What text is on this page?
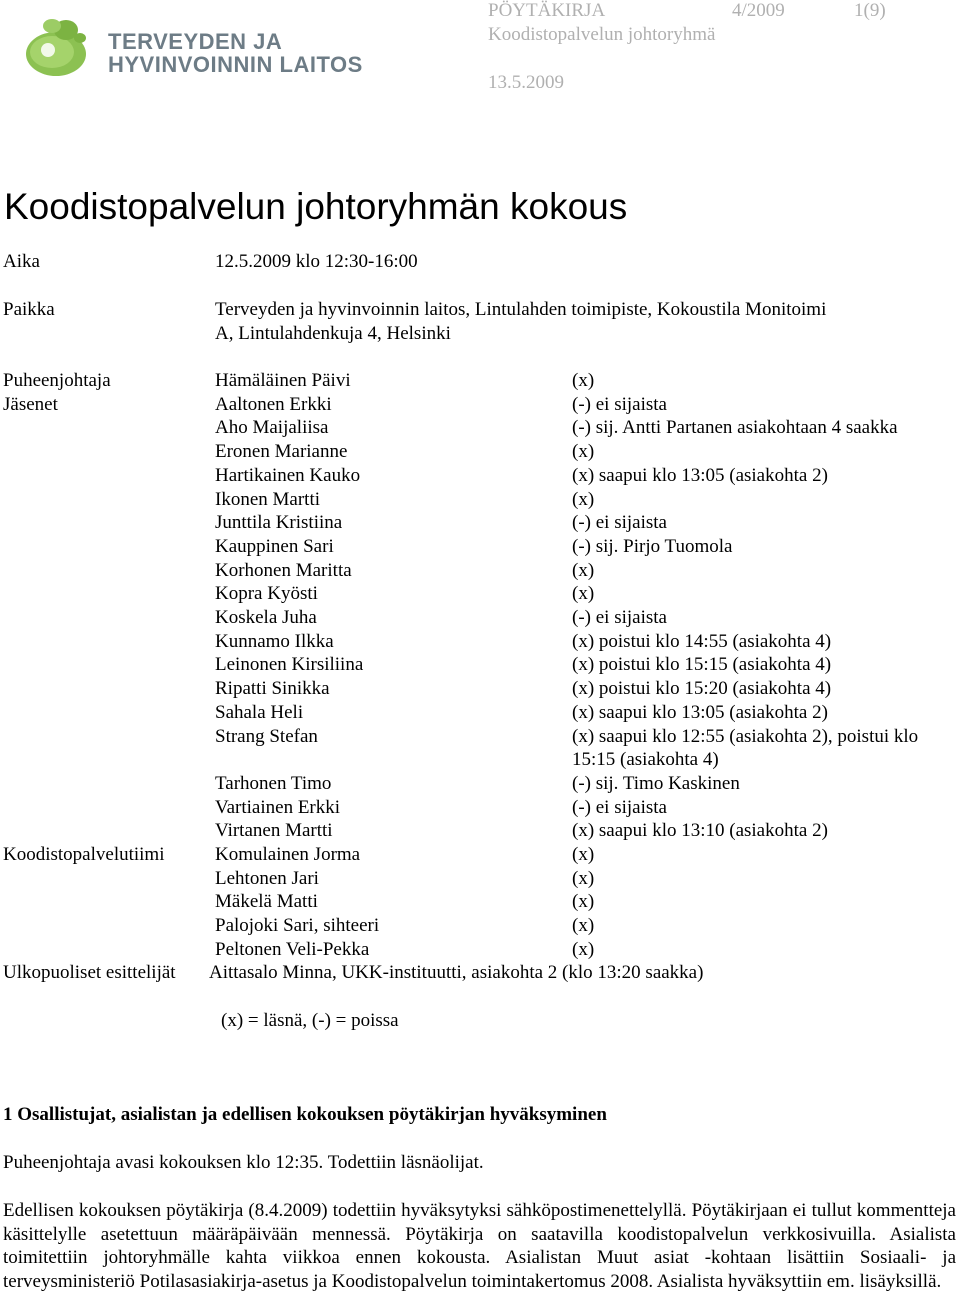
TERVEYDEN JA
HYVINVOINNIN LAITOS
PÖYTÄKIRJA	4/2009	1(9)
Koodistopalvelun johtoryhmä
13.5.2009
Koodistopalvelun johtoryhmän kokous
Aika	12.5.2009 klo 12:30-16:00
Paikka	Terveyden ja hyvinvoinnin laitos, Lintulahden toimipiste, Kokoustila Monitoimi
A, Lintulahdenkuja 4, Helsinki
Puheenjohtaja	Hämäläinen Päivi	(x)
Jäsenet	Aaltonen Erkki	(-) ei sijaista
Aho Maijaliisa	(-) sij. Antti Partanen asiakohtaan 4 saakka
Eronen Marianne	(x)
Hartikainen Kauko	(x) saapui klo 13:05 (asiakohta 2)
Ikonen Martti	(x)
Junttila Kristiina	(-) ei sijaista
Kauppinen Sari	(-) sij. Pirjo Tuomola
Korhonen Maritta	(x)
Kopra Kyösti	(x)
Koskela Juha	(-) ei sijaista
Kunnamo Ilkka	(x) poistui klo 14:55 (asiakohta 4)
Leinonen Kirsiliina	(x) poistui klo 15:15 (asiakohta 4)
Ripatti Sinikka	(x) poistui klo 15:20 (asiakohta 4)
Sahala Heli	(x) saapui klo 13:05 (asiakohta 2)
Strang Stefan	(x) saapui klo 12:55 (asiakohta 2), poistui klo
15:15 (asiakohta 4)
Tarhonen Timo	(-) sij. Timo Kaskinen
Vartiainen Erkki	(-) ei sijaista
Virtanen Martti	(x) saapui klo 13:10 (asiakohta 2)
Koodistopalvelutiimi	Komulainen Jorma	(x)
Lehtonen Jari	(x)
Mäkelä Matti	(x)
Palojoki Sari, sihteeri	(x)
Peltonen Veli-Pekka	(x)
Ulkopuoliset esittelijät Aittasalo Minna, UKK-instituutti, asiakohta 2 (klo 13:20 saakka)
(x) = läsnä, (-) = poissa
1 Osallistujat, asialistan ja edellisen kokouksen pöytäkirjan hyväksyminen
Puheenjohtaja avasi kokouksen klo 12:35. Todettiin läsnäolijat.
Edellisen kokouksen pöytäkirja (8.4.2009) todettiin hyväksytyksi sähköpostimenettelyllä. Pöytäkirjaan ei tullut kommentteja käsittelylle asetettuun määräpäivään mennessä. Pöytäkirja on saatavilla koodistopalvelun verkkosivuilla. Asialista toimitettiin johtoryhmälle kahta viikkoa ennen kokousta. Asialistan Muut asiat -kohtaan lisättiin Sosiaali- ja terveysministeriö Potilasasiakirja-asetus ja Koodistopalvelun toimintakertomus 2008. Asialista hyväksyttiin em. lisäyksillä.
